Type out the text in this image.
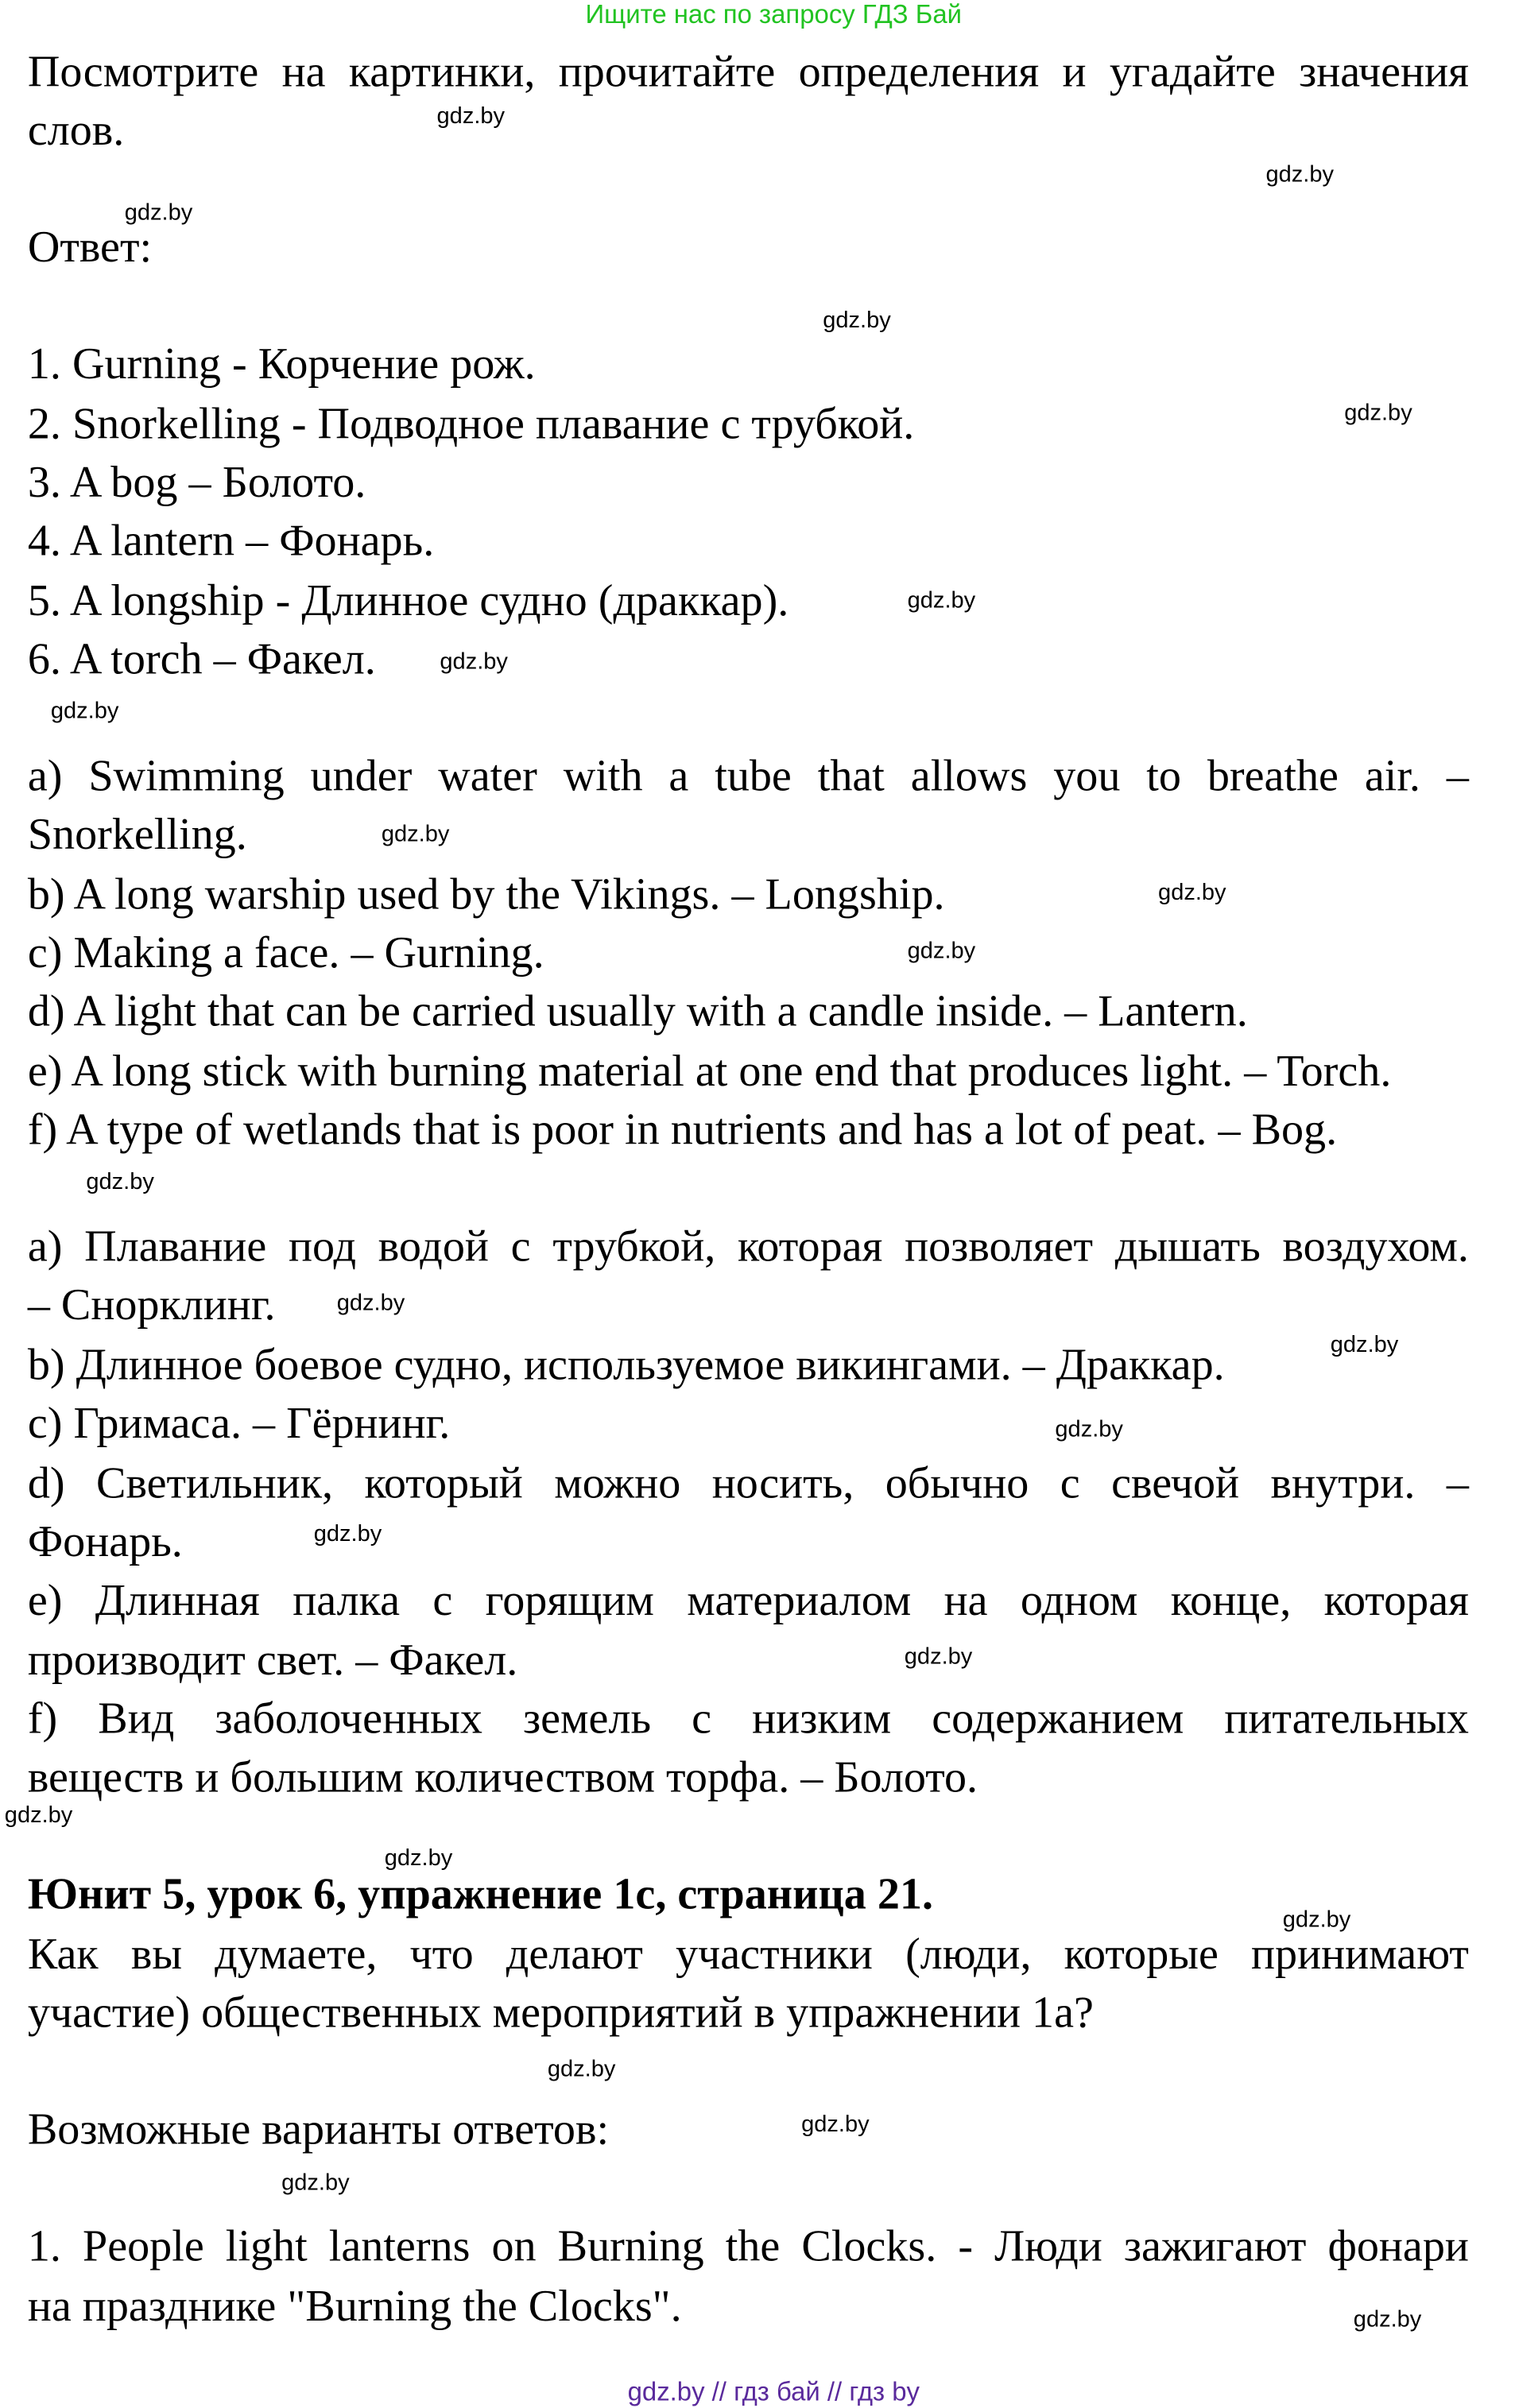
Ищите нас по запросу ГДЗ Бай
Посмотрите на картинки, прочитайте определения и угадайте значения
слов.
Ответ:
1. Gurning - Корчение рож.
2. Snorkelling - Подводное плавание с трубкой.
3. A bog – Болото.
4. A lantern – Фонарь.
5. A longship - Длинное судно (драккар).
6. A torch – Факел.
a) Swimming under water with a tube that allows you to breathe air. –
Snorkelling.
b) A long warship used by the Vikings. – Longship.
c) Making a face. – Gurning.
d) A light that can be carried usually with a candle inside. – Lantern.
e) A long stick with burning material at one end that produces light. – Torch.
f) A type of wetlands that is poor in nutrients and has a lot of peat. – Bog.
a) Плавание под водой с трубкой, которая позволяет дышать воздухом.
– Снорклинг.
b) Длинное боевое судно, используемое викингами. – Драккар.
c) Гримаса. – Гёрнинг.
d) Светильник, который можно носить, обычно с свечой внутри. –
Фонарь.
e) Длинная палка с горящим материалом на одном конце, которая
производит свет. – Факел.
f) Вид заболоченных земель с низким содержанием питательных
веществ и большим количеством торфа. – Болото.
Юнит 5, урок 6, упражнение 1c, страница 21.
Как вы думаете, что делают участники (люди, которые принимают
участие) общественных мероприятий в упражнении 1a?
Возможные варианты ответов:
1. People light lanterns on Burning the Clocks. - Люди зажигают фонари
на празднике "Burning the Clocks".
gdz.by
gdz.by
gdz.by
gdz.by
gdz.by
gdz.by
gdz.by
gdz.by
gdz.by
gdz.by
gdz.by
gdz.by
gdz.by
gdz.by
gdz.by
gdz.by
gdz.by
gdz.by
gdz.by
gdz.by
gdz.by
gdz.by
gdz.by
gdz.by
gdz.by // гдз бай // гдз by
